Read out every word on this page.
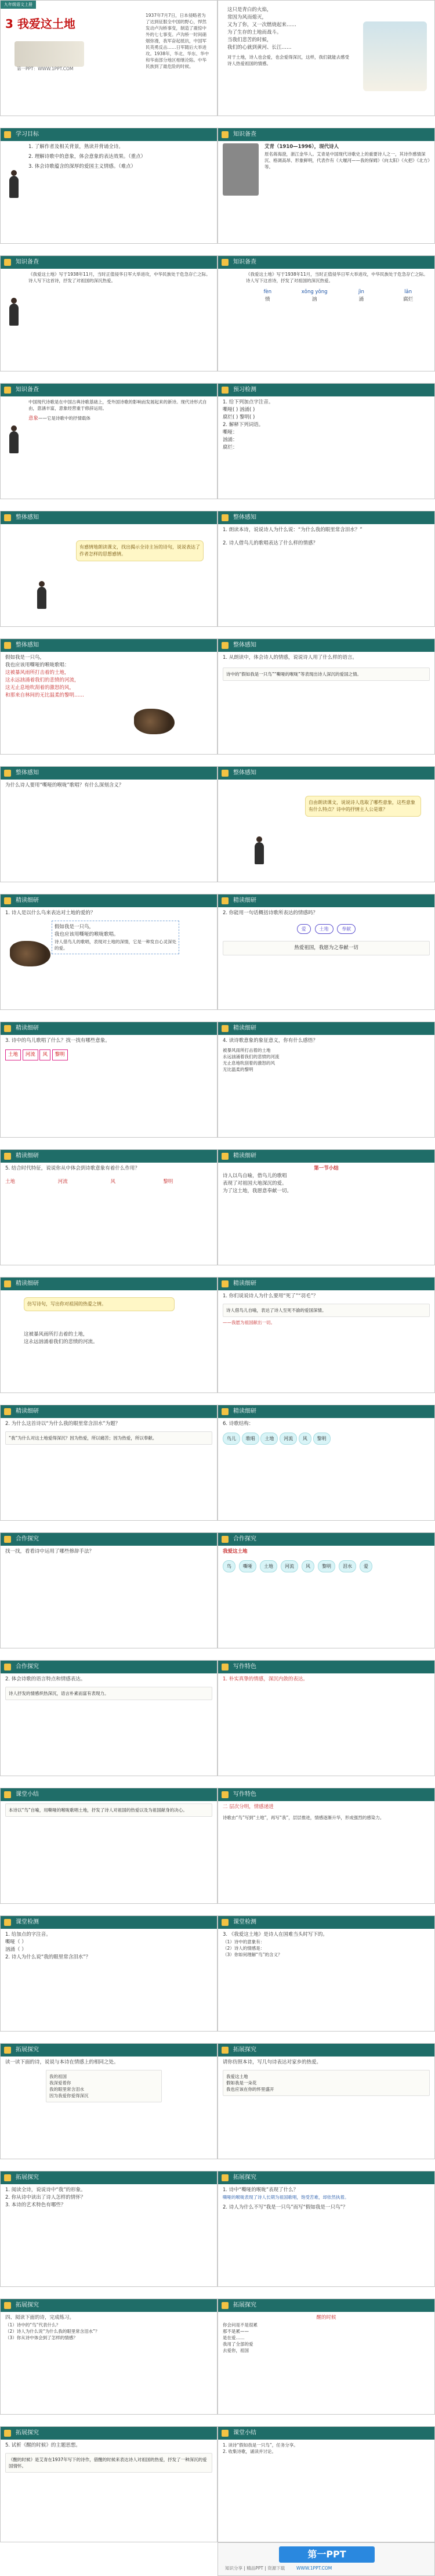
九年级语文上册
3 我爱这土地
第一PPT：WWW.1PPT.COM
1937年7月7日，日本侵略者为了达到征服全中国的野心，悍然发动卢沟桥事变，制造了震惊中外的七七事变。卢沟桥一时间硝烟弥漫，我军奋起抵抗，中国军民英勇反击……日军随后大举进攻。1938年，华北、华东、华中和华南部分地区相继沦陷。中华民族到了最危险的时候。
这只是青白的火焰，
常因为风而熄灭，
又为了你，又一次燃烧起来……
为了生存的土地而战斗。
当我们悲苦的时候，
我们的心就到黄河、长江……
对于土地，诗人也会爱，也会爱得深沉，这样，我们就能去感受诗人热爱祖国的情感。
学习目标
1. 了解作者及相关背景，熟读并背诵全诗。
2. 理解诗歌中的意象，体会意象的表达效果。（重点）
3. 体会诗歌蕴含的深厚的爱国主义情感。（难点）
知识备查
艾青（1910—1996），现代诗人
原名蒋海澄，浙江金华人。艾青是中国现代诗歌史上的重要诗人之一，其诗作感情深沉、格调高昂、形象鲜明，代表作有《大堰河——我的保姆》《向太阳》《火把》《北方》等。
知识备查
《我爱这土地》写于1938年11月，当时正值侵华日军大举进攻，中华民族处于危急存亡之际。诗人写下这首诗，抒发了对祖国的深沉热爱。
知识备查
《我爱这土地》写于1938年11月，当时正值侵华日军大举进攻，中华民族处于危急存亡之际。诗人写下这首诗，抒发了对祖国的深沉热爱。
fèn
愤
xǒng yǒng
汹
jìn
涌
lǎn
腐烂
知识备查
中国现代诗歌是在中国古典诗歌基础上，受外国诗歌的影响而发展起来的新诗。现代诗形式自由，意涵丰富，意象经营重于修辞运用。
意象——它是诗歌中的抒情载体
预习检测
1. 给下列加点字注音。
嘶哑( ) 汹涌( )
腐烂( ) 黎明( )
2. 解释下列词语。
嘶哑：
汹涌：
腐烂：
整体感知
有感情地朗读课文，找出揭示全诗主旨的诗句，说说表达了作者怎样的思想感情。
整体感知
1. 朗读本诗，说说诗人为什么说：“为什么我的眼里常含泪水？”
2. 诗人借鸟儿的歌唱表达了什么样的情感？
整体感知
假如我是一只鸟，
我也应该用嘶哑的喉咙歌唱：
这被暴风雨所打击着的土地，
这永远汹涌着我们的悲愤的河流，
这无止息地吹刮着的激怒的风，
和那来自林间的无比温柔的黎明……
整体感知
1. 从朗读中，体会诗人的情感，说说诗人用了什么样的语言。
诗中的“假如我是一只鸟”“嘶哑的喉咙”等表现出诗人深沉的爱国之情。
整体感知
为什么诗人要用“嘶哑的喉咙”歌唱？有什么深刻含义？
整体感知
自由朗读课文，说说诗人选取了哪些意象，这些意象有什么特点？诗中的抒情主人公是谁？
精读细研
1. 诗人是以什么鸟来表达对土地的爱的？
假如我是一只鸟，
我也应该用嘶哑的喉咙歌唱。
诗人借鸟儿的歌唱，表现对土地的深情，它是一种发自心灵深处的爱。
精读细研
2. 你能用一句话概括诗歌所表达的情感吗？
爱	土地	奉献
热爱祖国，我愿为之奉献一切
精读细研
3. 诗中的鸟儿歌唱了什么？找一找有哪些意象。
土地 河流 风 黎明
精读细研
4. 读诗歌意象的象征意义，你有什么感悟？
被暴风雨所打击着的土地
永远汹涌着我们的悲愤的河流
无止息地吹刮着的激怒的风
无比温柔的黎明
精读细研
5. 结合时代特征，说说你从中体会到诗歌意象有着什么作用？
土地	河流	风	黎明
精读细研
第一节小结
诗人以鸟自喻，借鸟儿的歌唱
表现了对祖国大地深沉的爱。
为了这土地，我愿意奉献一切。
精读细研
仿写诗句，写出你对祖国的热爱之情。
这被暴风雨所打击着的土地，
这永远汹涌着我们的悲愤的河流。
精读细研
1. 你们说说诗人为什么要用“死了”“羽毛”？
诗人借鸟儿自喻，表达了诗人至死不渝的爱国深情。
——我愿为祖国献出一切。
精读细研
2. 为什么这首诗以“为什么我的眼里常含泪水”为题？
“我”为什么对这土地爱得深沉？因为热爱，所以痛苦；因为热爱，所以奉献。
精读细研
6. 诗歌结构：
鸟儿 歌唱 土地 河流 风 黎明
合作探究
找一找，看看诗中运用了哪些修辞手法？
合作探究
我爱这土地
鸟	嘶哑	土地	河流	风	黎明	泪水	爱
合作探究
2. 体会诗歌的语言特点和情感表达。
诗人抒发的情感炽热深沉，语言朴素而富有表现力。
写作特色
1. 朴实真挚的情感，深沉内敛的表达。
课堂小结
本诗以“鸟”自喻，用嘶哑的喉咙歌唱土地，抒发了诗人对祖国的热爱以及为祖国献身的决心。
写作特色
二 层次分明，情感递进
诗歌由“鸟”写到“土地”，再写“我”，层层推进，情感逐渐升华，形成强烈的感染力。
课堂检测
1. 给加点的字注音。
嘶哑（ ）
汹涌（ ）
2. 诗人为什么说“我的眼里常含泪水”？
课堂检测
3. 《我爱这土地》是诗人在国难当头时写下的。
（1）诗中的意象有：
（2）诗人的情感是：
（3）你如何理解“鸟”的含义？
拓展探究
读一读下面的诗，说说与本诗在情感上的相同之处。
我的祖国
我深爱着你
我的眼里常含泪水
因为我爱你爱得深沉
拓展探究
请你仿照本诗，写几句诗表达对家乡的热爱。
我爱这土地
假如我是一朵花
我也应该在你的怀里盛开
拓展探究
1. 阅读全诗，说说诗中“我”的形象。
2. 你从诗中读出了诗人怎样的情怀？
3. 本诗的艺术特色有哪些？
拓展探究
1. 诗中“嘶哑的喉咙”表现了什么？
嘶哑的喉咙表现了诗人长期为祖国歌唱，饱受苦难，却依然执着。
2. 诗人为什么不写“我是一只鸟”而写“假如我是一只鸟”？
拓展探究
四、阅读下面的诗，完成练习。
（1）诗中的“鸟”代表什么？
（2）诗人为什么说“为什么我的眼里常含泪水”？
（3）你从诗中体会到了怎样的情感？
拓展探究
醒的时候
你会问是不是很累
那不是累——
是在爱……
我用了全部的爱
去爱你，祖国
拓展探究
5. 试析《醒的时候》的主题思想。
《醒的时候》是艾青在1937年写下的诗作，借醒的时候来表达诗人对祖国的热爱，抒发了一种深沉的爱国情怀。
课堂小结
1. 读诗“假如我是一只鸟”，任务分享。
2. 收集诗歌，诵读并讨论。
第一PPT
WWW.1PPT.COM
知识分享 | 精品PPT | 资源下载
